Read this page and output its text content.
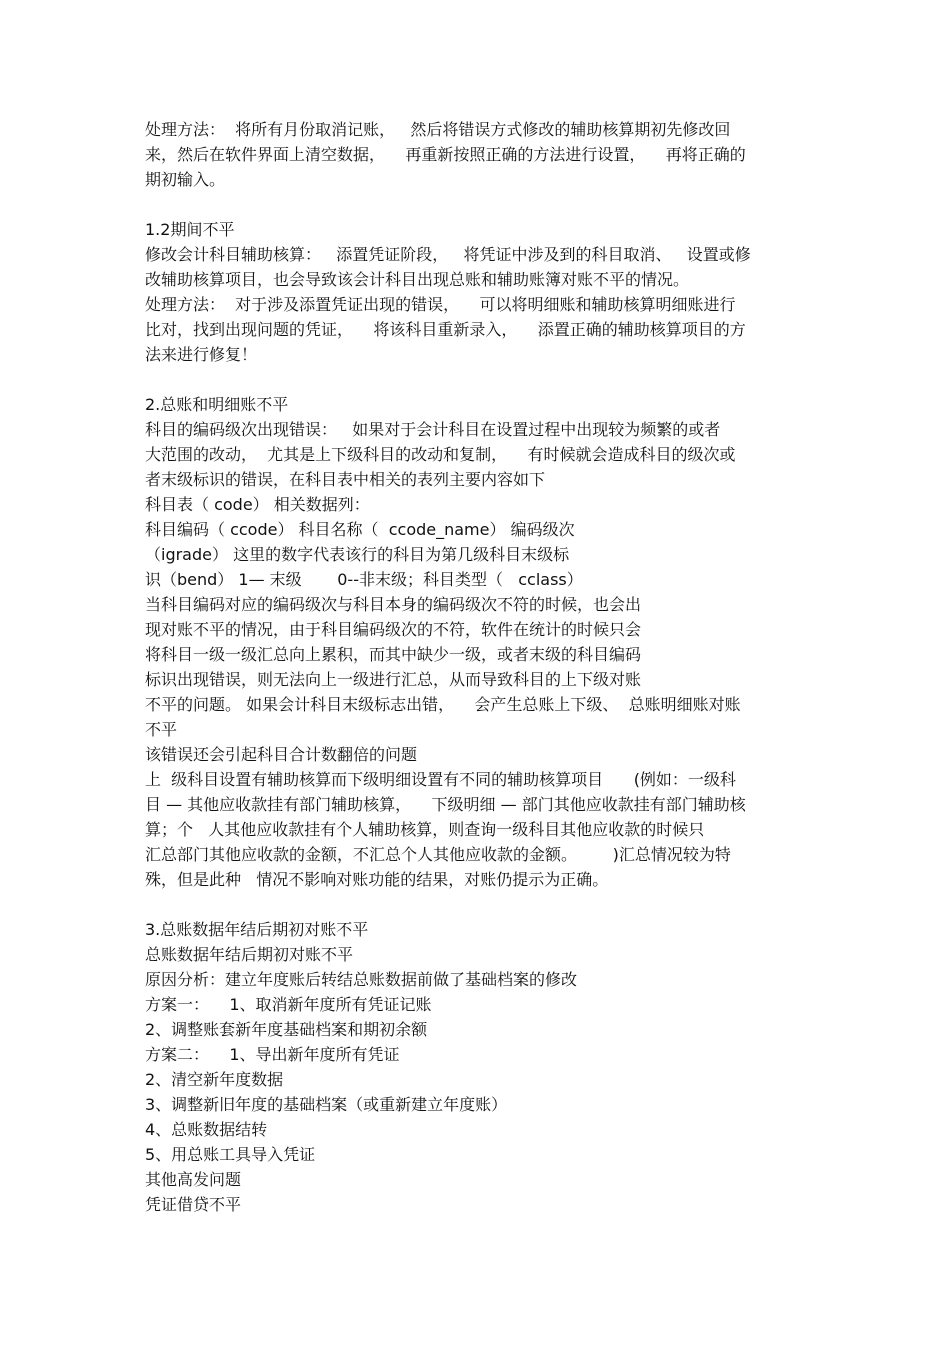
处理方法：  将所有月份取消记账，   然后将错误方式修改的辅助核算期初先修改回
来，然后在软件界面上清空数据，    再重新按照正确的方法进行设置，    再将正确的
期初输入。
1.2期间不平
修改会计科目辅助核算：   添置凭证阶段，   将凭证中涉及到的科目取消、   设置或修
改辅助核算项目，也会导致该会计科目出现总账和辅助账簿对账不平的情况。
处理方法：  对于涉及添置凭证出现的错误，    可以将明细账和辅助核算明细账进行
比对，找到出现问题的凭证，    将该科目重新录入，    添置正确的辅助核算项目的方
法来进行修复！
2.总账和明细账不平
科目的编码级次出现错误：   如果对于会计科目在设置过程中出现较为频繁的或者
大范围的改动，  尤其是上下级科目的改动和复制，    有时候就会造成科目的级次或
者末级标识的错误，在科目表中相关的表列主要内容如下
科目表（ code） 相关数据列：
科目编码（ ccode） 科目名称（  ccode_name） 编码级次
（igrade） 这里的数字代表该行的科目为第几级科目末级标
识（bend） 1— 末级       0--非末级；科目类型（   cclass）
当科目编码对应的编码级次与科目本身的编码级次不符的时候，也会出
现对账不平的情况，由于科目编码级次的不符，软件在统计的时候只会
将科目一级一级汇总向上累积，而其中缺少一级，或者末级的科目编码
标识出现错误，则无法向上一级进行汇总，从而导致科目的上下级对账
不平的问题。 如果会计科目末级标志出错，    会产生总账上下级、  总账明细账对账
不平
该错误还会引起科目合计数翻倍的问题
上  级科目设置有辅助核算而下级明细设置有不同的辅助核算项目      (例如：一级科
目 — 其他应收款挂有部门辅助核算，    下级明细 — 部门其他应收款挂有部门辅助核
算；个   人其他应收款挂有个人辅助核算，则查询一级科目其他应收款的时候只
汇总部门其他应收款的金额，不汇总个人其他应收款的金额。       )汇总情况较为特
殊，但是此种   情况不影响对账功能的结果，对账仍提示为正确。
3.总账数据年结后期初对账不平
总账数据年结后期初对账不平
原因分析：建立年度账后转结总账数据前做了基础档案的修改
方案一：    1、取消新年度所有凭证记账
2、调整账套新年度基础档案和期初余额
方案二：    1、导出新年度所有凭证
2、清空新年度数据
3、调整新旧年度的基础档案（或重新建立年度账）
4、总账数据结转
5、用总账工具导入凭证
其他高发问题
凭证借贷不平
